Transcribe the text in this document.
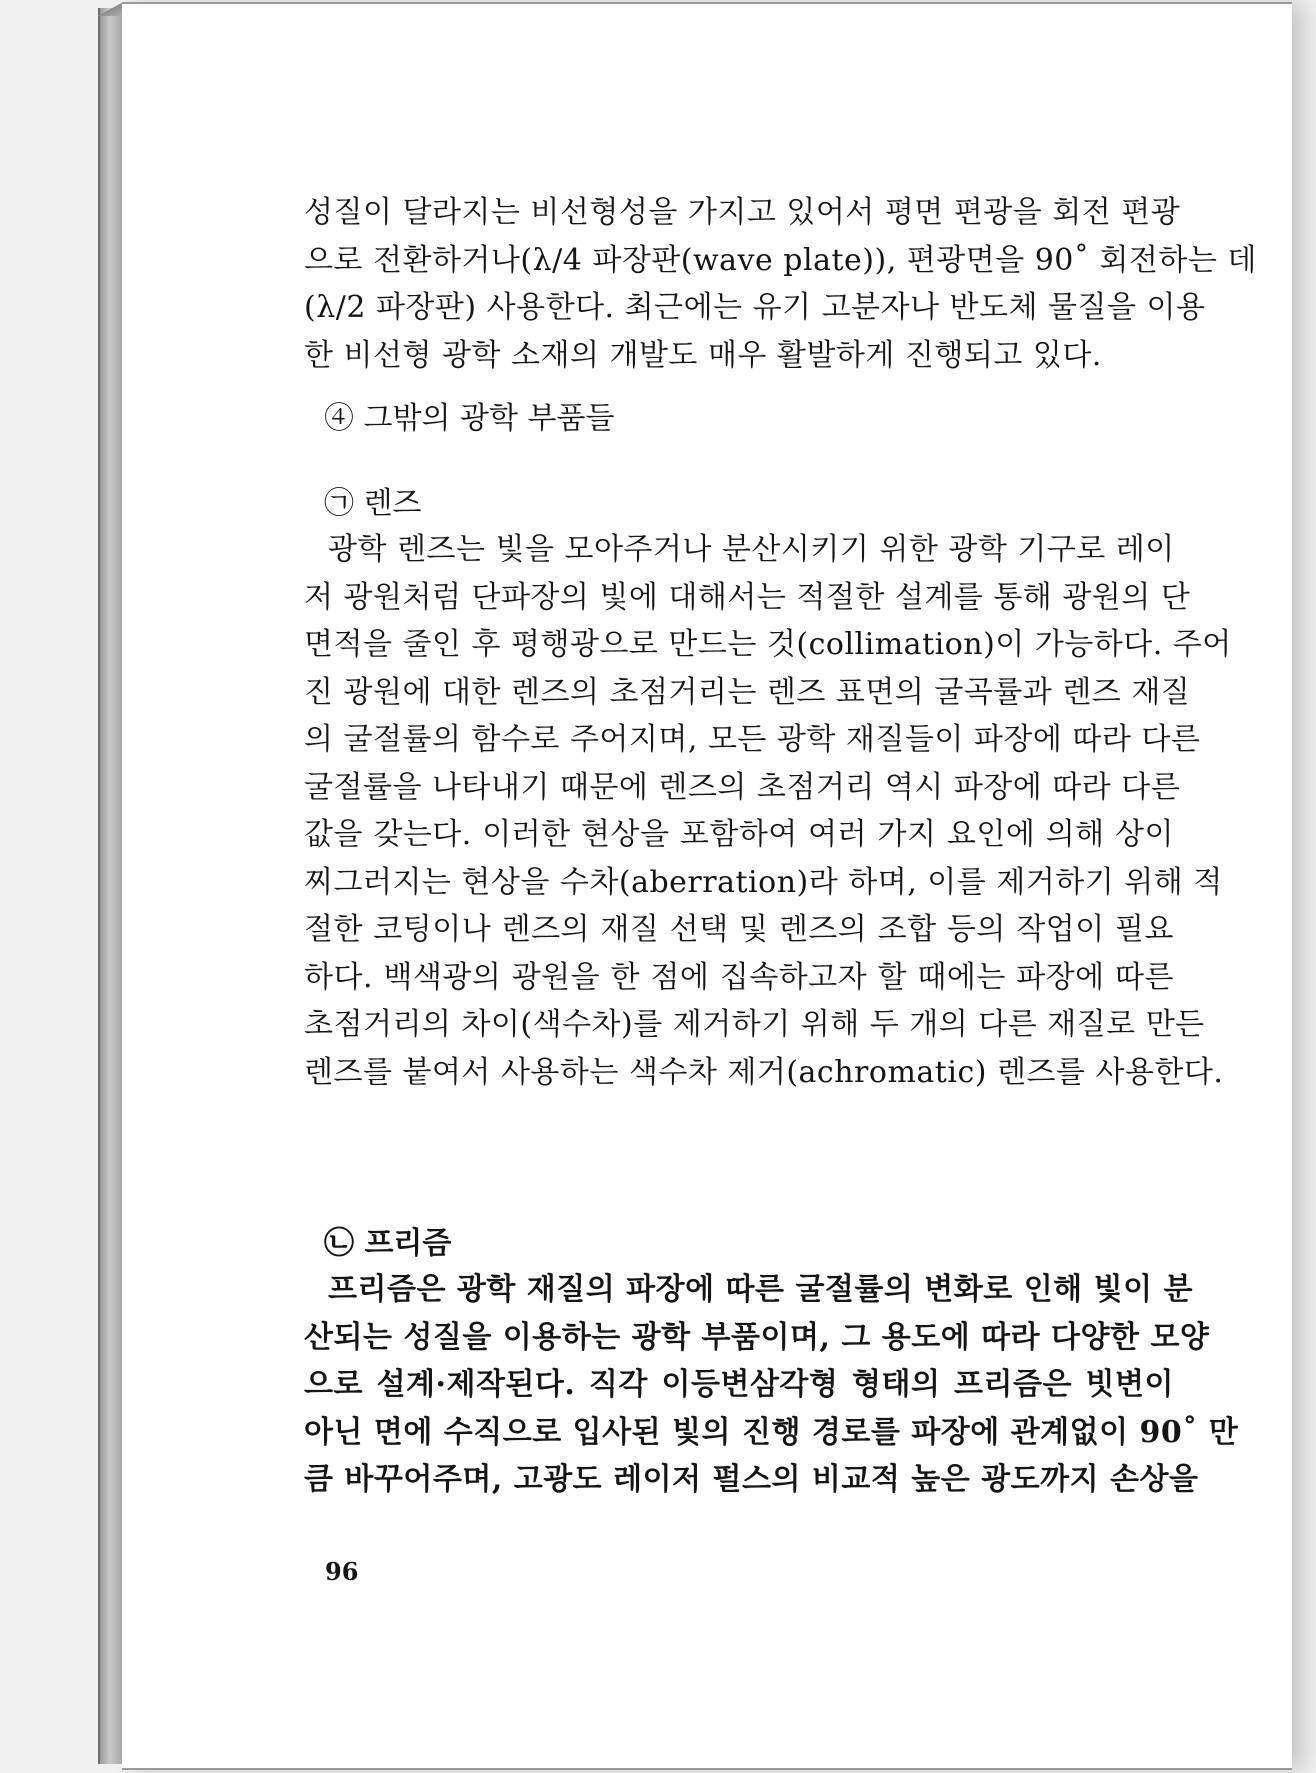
성질이 달라지는 비선형성을 가지고 있어서 평면 편광을 회전 편광
으로 전환하거나(λ/4 파장판(wave plate)), 편광면을 90˚ 회전하는 데
(λ/2 파장판) 사용한다. 최근에는 유기 고분자나 반도체 물질을 이용
한 비선형 광학 소재의 개발도 매우 활발하게 진행되고 있다.
④ 그밖의 광학 부품들
㉠ 렌즈
광학 렌즈는 빛을 모아주거나 분산시키기 위한 광학 기구로 레이
저 광원처럼 단파장의 빛에 대해서는 적절한 설계를 통해 광원의 단
면적을 줄인 후 평행광으로 만드는 것(collimation)이 가능하다. 주어
진 광원에 대한 렌즈의 초점거리는 렌즈 표면의 굴곡률과 렌즈 재질
의 굴절률의 함수로 주어지며, 모든 광학 재질들이 파장에 따라 다른
굴절률을 나타내기 때문에 렌즈의 초점거리 역시 파장에 따라 다른
값을 갖는다. 이러한 현상을 포함하여 여러 가지 요인에 의해 상이
찌그러지는 현상을 수차(aberration)라 하며, 이를 제거하기 위해 적
절한 코팅이나 렌즈의 재질 선택 및 렌즈의 조합 등의 작업이 필요
하다. 백색광의 광원을 한 점에 집속하고자 할 때에는 파장에 따른
초점거리의 차이(색수차)를 제거하기 위해 두 개의 다른 재질로 만든
렌즈를 붙여서 사용하는 색수차 제거(achromatic) 렌즈를 사용한다.
㉡ 프리즘
프리즘은 광학 재질의 파장에 따른 굴절률의 변화로 인해 빛이 분
산되는 성질을 이용하는 광학 부품이며, 그 용도에 따라 다양한 모양
으로 설계·제작된다. 직각 이등변삼각형 형태의 프리즘은 빗변이
아닌 면에 수직으로 입사된 빛의 진행 경로를 파장에 관계없이 90˚ 만
큼 바꾸어주며, 고광도 레이저 펄스의 비교적 높은 광도까지 손상을
96
